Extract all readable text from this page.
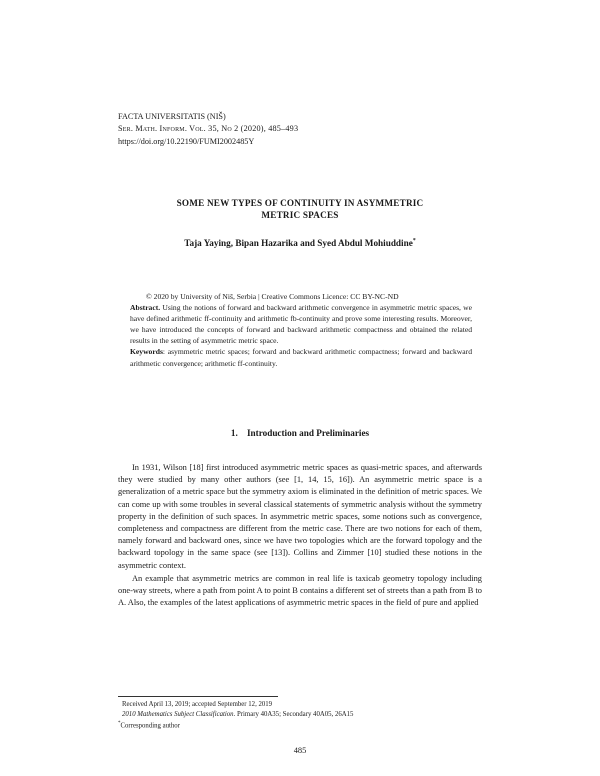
FACTA UNIVERSITATIS (NIŠ)
Ser. Math. Inform. Vol. 35, No 2 (2020), 485–493
https://doi.org/10.22190/FUMI2002485Y
SOME NEW TYPES OF CONTINUITY IN ASYMMETRIC
METRIC SPACES
Taja Yaying, Bipan Hazarika and Syed Abdul Mohiuddine*
© 2020 by University of Niš, Serbia | Creative Commons Licence: CC BY-NC-ND
Abstract. Using the notions of forward and backward arithmetic convergence in asymmetric metric spaces, we have defined arithmetic ff-continuity and arithmetic fb-continuity and prove some interesting results. Moreover, we have introduced the concepts of forward and backward arithmetic compactness and obtained the related results in the setting of asymmetric metric space.
Keywords: asymmetric metric spaces; forward and backward arithmetic compactness; forward and backward arithmetic convergence; arithmetic ff-continuity.
1. Introduction and Preliminaries

In 1931, Wilson [18] first introduced asymmetric metric spaces as quasi-metric spaces, and afterwards they were studied by many other authors (see [1, 14, 15, 16]). An asymmetric metric space is a generalization of a metric space but the symmetry axiom is eliminated in the definition of metric spaces. We can come up with some troubles in several classical statements of symmetric analysis without the symmetry property in the definition of such spaces. In asymmetric metric spaces, some notions such as convergence, completeness and compactness are different from the metric case. There are two notions for each of them, namely forward and backward ones, since we have two topologies which are the forward topology and the backward topology in the same space (see [13]). Collins and Zimmer [10] studied these notions in the asymmetric context.

An example that asymmetric metrics are common in real life is taxicab geometry topology including one-way streets, where a path from point A to point B contains a different set of streets than a path from B to A. Also, the examples of the latest applications of asymmetric metric spaces in the field of pure and applied

Received April 13, 2019; accepted September 12, 2019
2010 Mathematics Subject Classification. Primary 40A35; Secondary 40A05, 26A15
*Corresponding author
485
